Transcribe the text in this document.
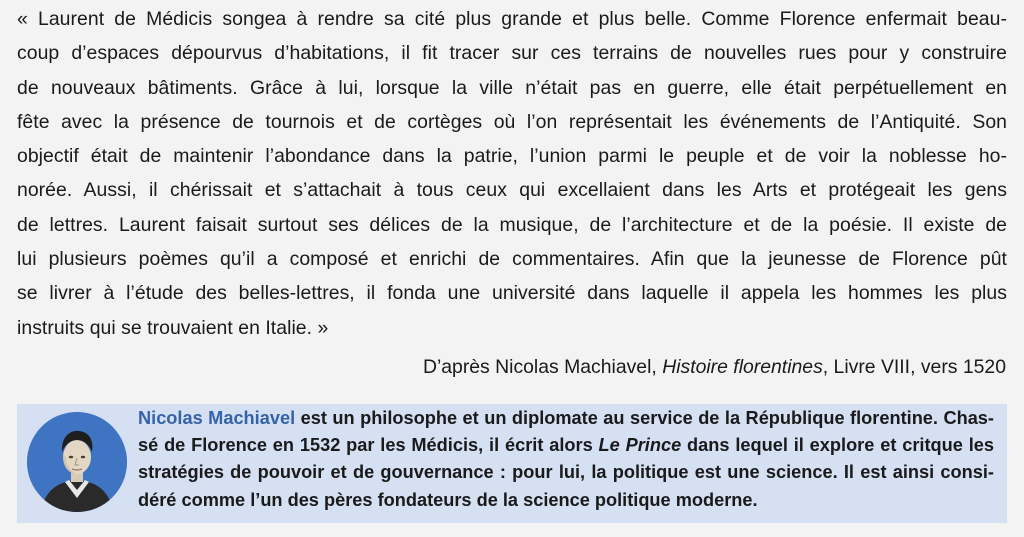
« Laurent de Médicis songea à rendre sa cité plus grande et plus belle. Comme Florence enfermait beau-
coup d’espaces dépourvus d’habitations, il fit tracer sur ces terrains de nouvelles rues pour y construire
de nouveaux bâtiments. Grâce à lui, lorsque la ville n’était pas en guerre, elle était perpétuellement en
fête avec la présence de tournois et de cortèges où l’on représentait les événements de l’Antiquité. Son
objectif était de maintenir l’abondance dans la patrie, l’union parmi le peuple et de voir la noblesse ho-
norée. Aussi, il chérissait et s’attachait à tous ceux qui excellaient dans les Arts et protégeait les gens
de lettres. Laurent faisait surtout ses délices de la musique, de l’architecture et de la poésie. Il existe de
lui plusieurs poèmes qu’il a composé et enrichi de commentaires. Afin que la jeunesse de Florence pût
se livrer à l’étude des belles-lettres, il fonda une université dans laquelle il appela les hommes les plus
instruits qui se trouvaient en Italie. »

D’après Nicolas Machiavel, Histoire florentines, Livre VIII, vers 1520

Nicolas Machiavel est un philosophe et un diplomate au service de la République florentine. Chas-
sé de Florence en 1532 par les Médicis, il écrit alors Le Prince dans lequel il explore et critque les
stratégies de pouvoir et de gouvernance : pour lui, la politique est une science. Il est ainsi consi-
déré comme l’un des pères fondateurs de la science politique moderne.
